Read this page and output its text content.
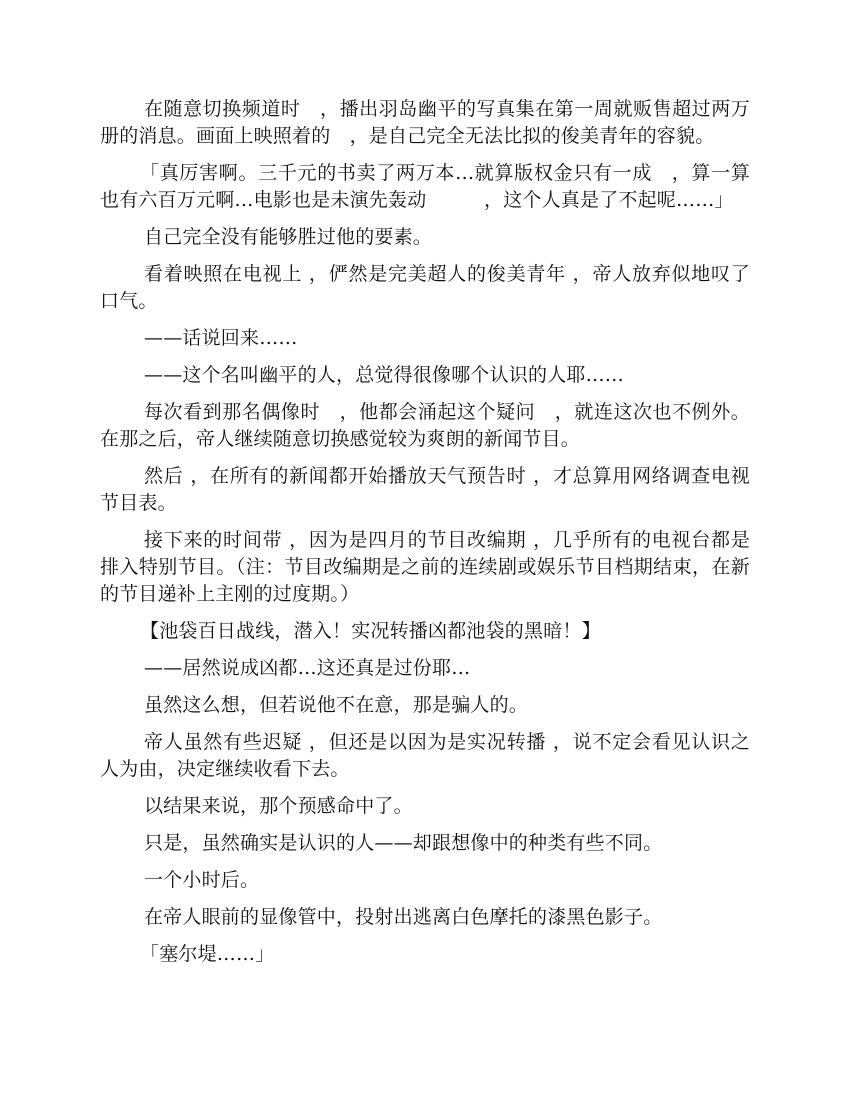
在随意切换频道时　，播出羽岛幽平的写真集在第一周就贩售超过两万册的消息。画面上映照着的　，是自己完全无法比拟的俊美青年的容貌。

「真厉害啊。三千元的书卖了两万本…就算版权金只有一成　，算一算也有六百万元啊…电影也是未演先轰动　　　，这个人真是了不起呢……」

自己完全没有能够胜过他的要素。

看着映照在电视上 ，俨然是完美超人的俊美青年 ，帝人放弃似地叹了口气。

——话说回来……

——这个名叫幽平的人，总觉得很像哪个认识的人耶……

每次看到那名偶像时　，他都会涌起这个疑问　，就连这次也不例外。在那之后，帝人继续随意切换感觉较为爽朗的新闻节目。

然后 ，在所有的新闻都开始播放天气预告时 ，才总算用网络调查电视节目表。

接下来的时间带 ，因为是四月的节目改编期 ，几乎所有的电视台都是排入特别节目。（注：节目改编期是之前的连续剧或娱乐节目档期结束，在新的节目递补上主刚的过度期。）

【池袋百日战线，潜入！实况转播凶都池袋的黑暗！】

——居然说成凶都…这还真是过份耶…

虽然这么想，但若说他不在意，那是骗人的。

帝人虽然有些迟疑 ，但还是以因为是实况转播 ，说不定会看见认识之人为由，决定继续收看下去。

以结果来说，那个预感命中了。

只是，虽然确实是认识的人——却跟想像中的种类有些不同。

一个小时后。

在帝人眼前的显像管中，投射出逃离白色摩托的漆黑色影子。

「塞尔堤……」
